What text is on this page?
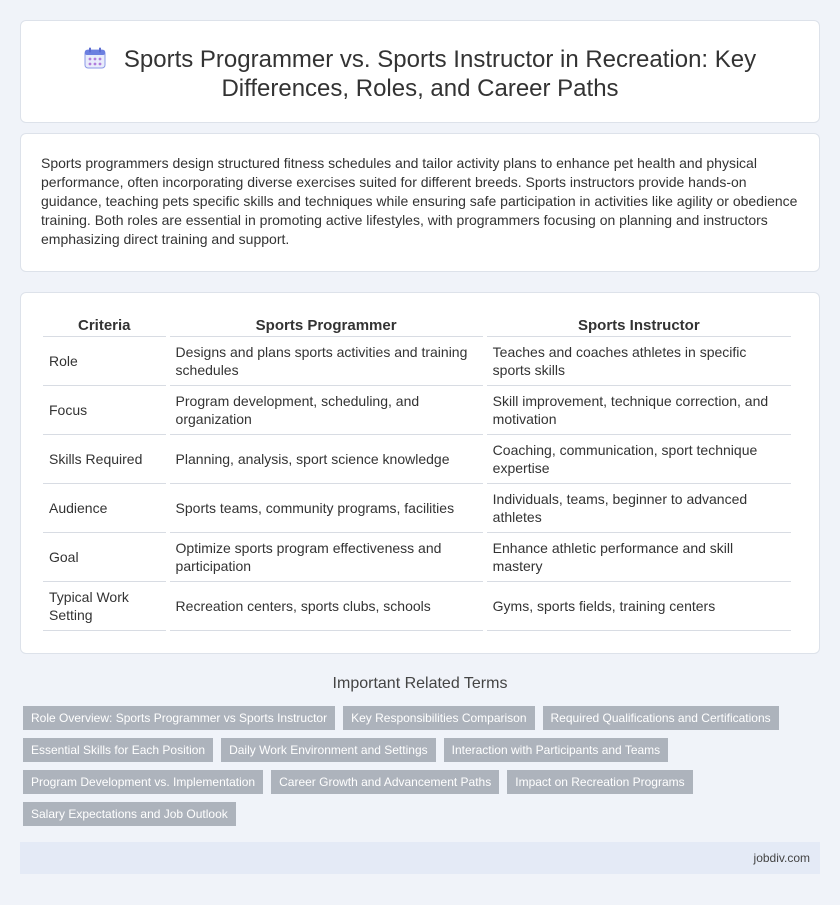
Sports Programmer vs. Sports Instructor in Recreation: Key
Differences, Roles, and Career Paths

Sports programmers design structured fitness schedules and tailor activity plans to enhance pet health and physical performance, often incorporating diverse exercises suited for different breeds. Sports instructors provide hands-on guidance, teaching pets specific skills and techniques while ensuring safe participation in activities like agility or obedience training. Both roles are essential in promoting active lifestyles, with programmers focusing on planning and instructors emphasizing direct training and support.

Criteria	Sports Programmer	Sports Instructor
Role	Designs and plans sports activities and training schedules	Teaches and coaches athletes in specific sports skills
Focus	Program development, scheduling, and organization	Skill improvement, technique correction, and motivation
Skills Required	Planning, analysis, sport science knowledge	Coaching, communication, sport technique expertise
Audience	Sports teams, community programs, facilities	Individuals, teams, beginner to advanced athletes
Goal	Optimize sports program effectiveness and participation	Enhance athletic performance and skill mastery
Typical Work Setting	Recreation centers, sports clubs, schools	Gyms, sports fields, training centers
Important Related Terms
Role Overview: Sports Programmer vs Sports Instructor	Key Responsibilities Comparison	Required Qualifications and Certifications
Essential Skills for Each Position	Daily Work Environment and Settings	Interaction with Participants and Teams
Program Development vs. Implementation	Career Growth and Advancement Paths	Impact on Recreation Programs
Salary Expectations and Job Outlook
jobdiv.com
